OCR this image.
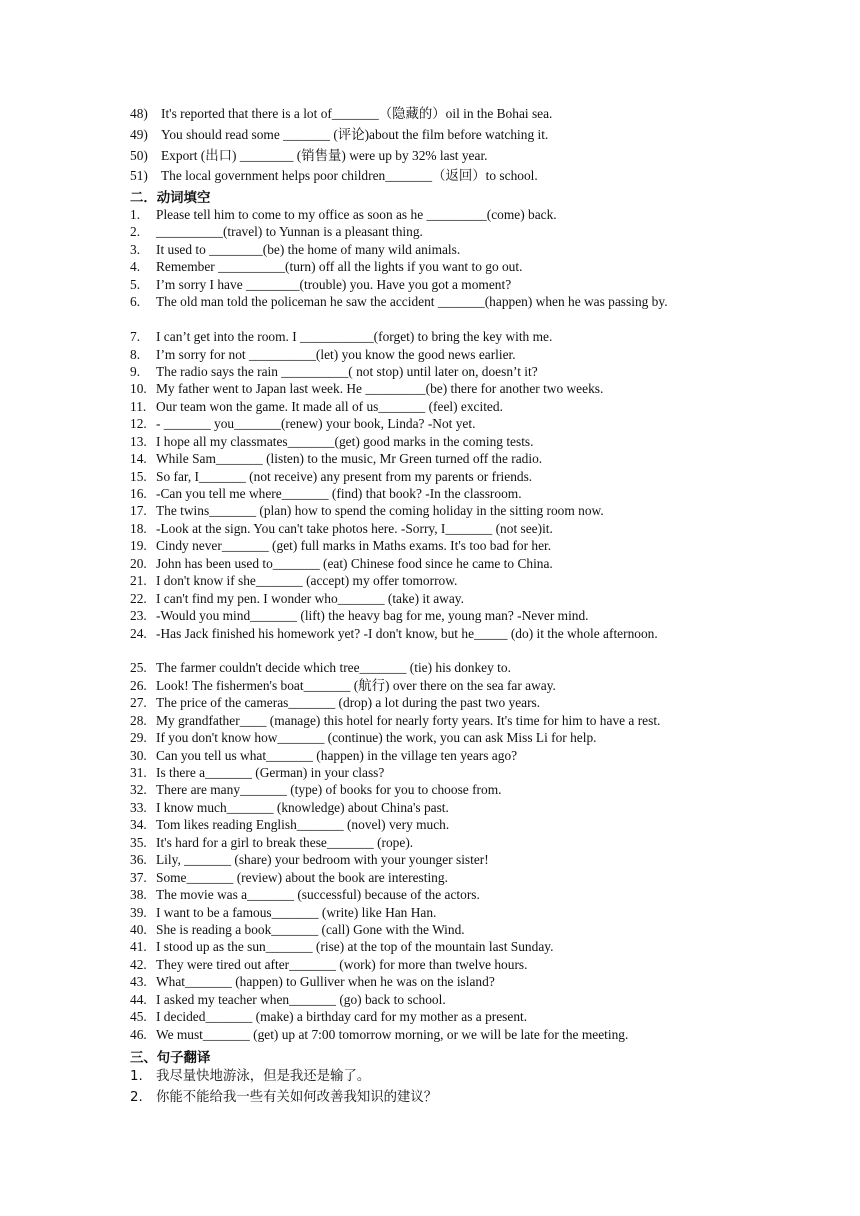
48) It's reported that there is a lot of_______（隐藏的）oil in the Bohai sea.
49) You should read some _______ (评论)about the film before watching it.
50) Export (出口) ________ (销售量) were up by 32% last year.
51) The local government helps poor children_______（返回）to school.
二．动词填空
1. Please tell him to come to my office as soon as he _________(come) back.
2. __________(travel) to Yunnan is a pleasant thing.
3. It used to ________(be) the home of many wild animals.
4. Remember __________(turn) off all the lights if you want to go out.
5. I’m sorry I have ________(trouble) you. Have you got a moment?
6. The old man told the policeman he saw the accident _______(happen) when he was passing by.
7. I can’t get into the room. I ___________(forget) to bring the key with me.
8. I’m sorry for not __________(let) you know the good news earlier.
9. The radio says the rain __________( not stop) until later on, doesn’t it?
10. My father went to Japan last week. He _________(be) there for another two weeks.
11. Our team won the game. It made all of us_______ (feel) excited.
12. - _______ you_______(renew) your book, Linda? -Not yet.
13. I hope all my classmates_______(get) good marks in the coming tests.
14. While Sam_______ (listen) to the music, Mr Green turned off the radio.
15. So far, I_______ (not receive) any present from my parents or friends.
16. -Can you tell me where_______ (find) that book? -In the classroom.
17. The twins_______ (plan) how to spend the coming holiday in the sitting room now.
18. -Look at the sign. You can't take photos here. -Sorry, I_______ (not see)it.
19. Cindy never_______ (get) full marks in Maths exams. It's too bad for her.
20. John has been used to_______ (eat) Chinese food since he came to China.
21. I don't know if she_______ (accept) my offer tomorrow.
22. I can't find my pen. I wonder who_______ (take) it away.
23. -Would you mind_______ (lift) the heavy bag for me, young man? -Never mind.
24. -Has Jack finished his homework yet? -I don't know, but he_____ (do) it the whole afternoon.
25. The farmer couldn't decide which tree_______ (tie) his donkey to.
26. Look! The fishermen's boat_______ (航行) over there on the sea far away.
27. The price of the cameras_______ (drop) a lot during the past two years.
28. My grandfather____ (manage) this hotel for nearly forty years. It's time for him to have a rest.
29. If you don't know how_______ (continue) the work, you can ask Miss Li for help.
30. Can you tell us what_______ (happen) in the village ten years ago?
31. Is there a_______ (German) in your class?
32. There are many_______ (type) of books for you to choose from.
33. I know much_______ (knowledge) about China's past.
34. Tom likes reading English_______ (novel) very much.
35. It's hard for a girl to break these_______ (rope).
36. Lily, _______ (share) your bedroom with your younger sister!
37. Some_______ (review) about the book are interesting.
38. The movie was a_______ (successful) because of the actors.
39. I want to be a famous_______ (write) like Han Han.
40. She is reading a book_______ (call) Gone with the Wind.
41. I stood up as the sun_______ (rise) at the top of the mountain last Sunday.
42. They were tired out after_______ (work) for more than twelve hours.
43. What_______ (happen) to Gulliver when he was on the island?
44. I asked my teacher when_______ (go) back to school.
45. I decided_______ (make) a birthday card for my mother as a present.
46. We must_______ (get) up at 7:00 tomorrow morning, or we will be late for the meeting.
三、句子翻译
1. 我尽量快地游泳，但是我还是输了。
2. 你能不能给我一些有关如何改善我知识的建议？
